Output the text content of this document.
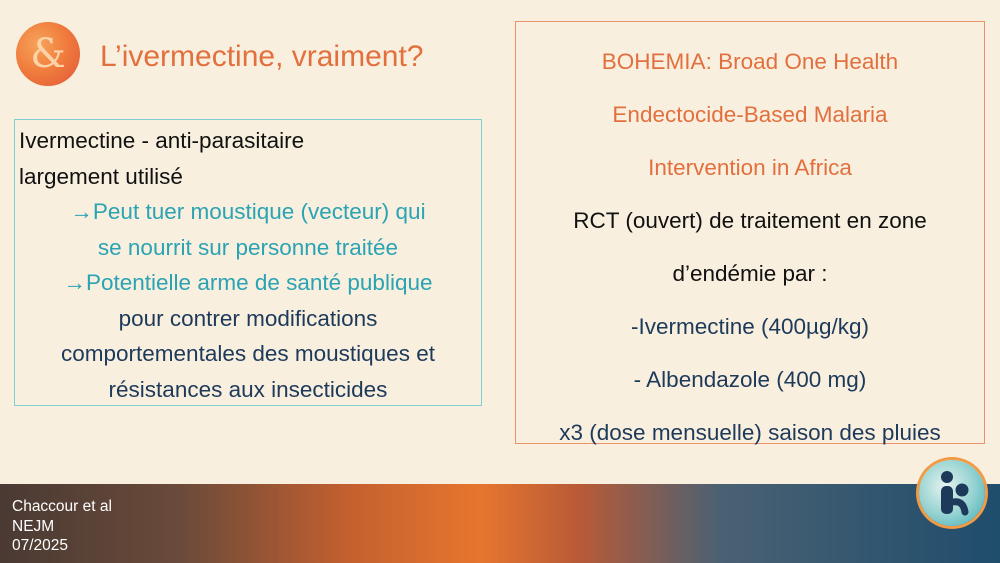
& L’ivermectine, vraiment?
Ivermectine - anti-parasitaire
largement utilisé
→Peut tuer moustique (vecteur) qui
se nourrit sur personne traitée
→Potentielle arme de santé publique
pour contrer modifications
comportementales des moustiques et
résistances aux insecticides
BOHEMIA: Broad One Health
Endectocide-Based Malaria
Intervention in Africa
RCT (ouvert) de traitement en zone
d’endémie par :
-Ivermectine (400µg/kg)
- Albendazole (400 mg)
x3 (dose mensuelle) saison des pluies
Chaccour et al
NEJM
07/2025
